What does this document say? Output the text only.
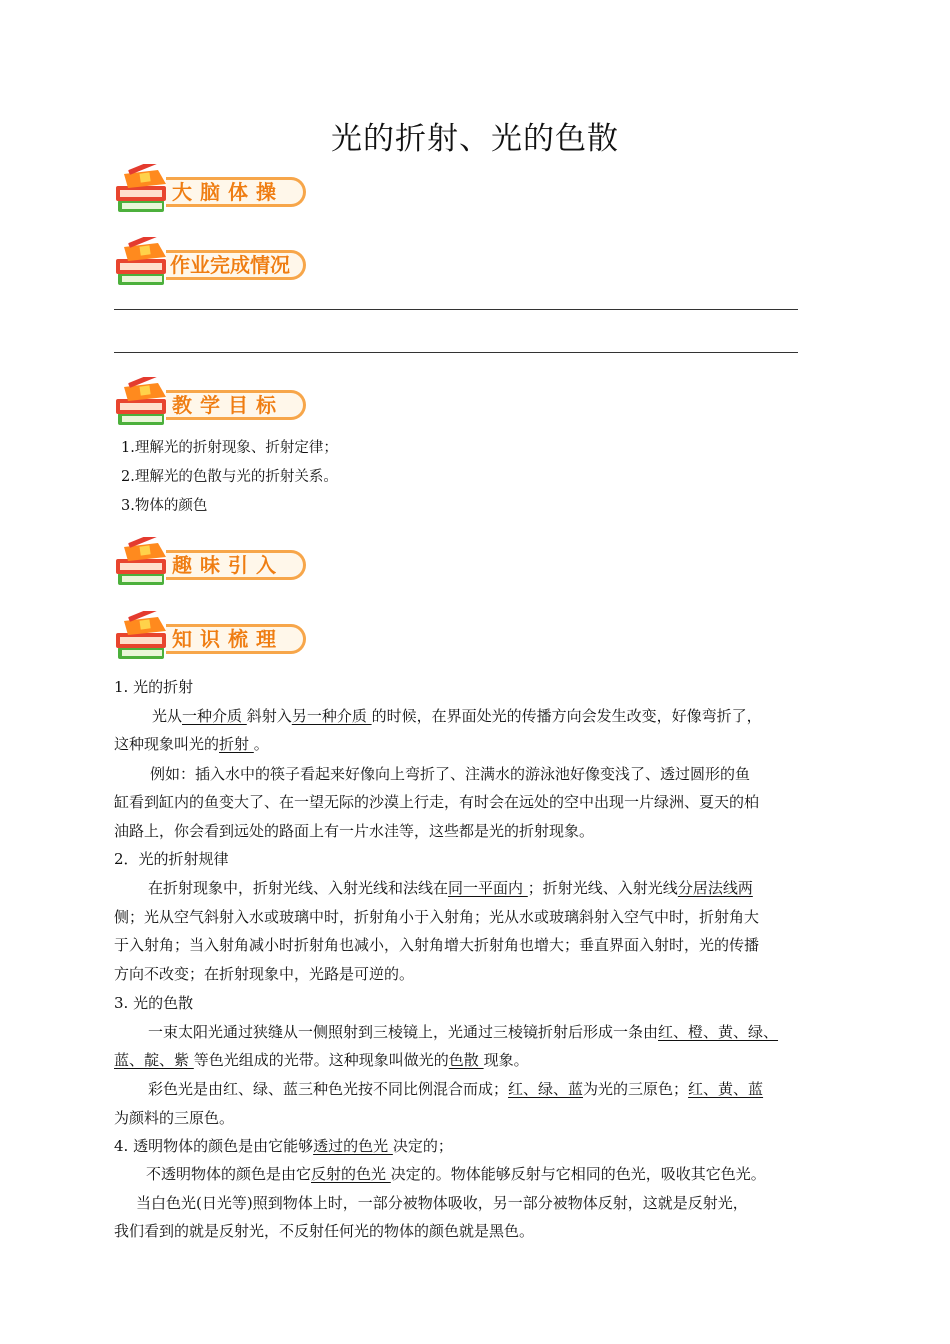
光的折射、光的色散
大脑体操
作业完成情况
教学目标
1.理解光的折射现象、折射定律；
2.理解光的色散与光的折射关系。
3.物体的颜色
趣味引入
知识梳理
1. 光的折射
光从一种介质 斜射入另一种介质 的时候，在界面处光的传播方向会发生改变，好像弯折了，
这种现象叫光的折射 。
例如：插入水中的筷子看起来好像向上弯折了、注满水的游泳池好像变浅了、透过圆形的鱼
缸看到缸内的鱼变大了、在一望无际的沙漠上行走，有时会在远处的空中出现一片绿洲、夏天的柏
油路上，你会看到远处的路面上有一片水洼等，这些都是光的折射现象。
2．光的折射规律
在折射现象中，折射光线、入射光线和法线在同一平面内 ；折射光线、入射光线分居法线两
侧；光从空气斜射入水或玻璃中时，折射角小于入射角；光从水或玻璃斜射入空气中时，折射角大
于入射角；当入射角减小时折射角也减小，入射角增大折射角也增大；垂直界面入射时，光的传播
方向不改变；在折射现象中，光路是可逆的。
3. 光的色散
一束太阳光通过狭缝从一侧照射到三棱镜上，光通过三棱镜折射后形成一条由红、橙、黄、绿、
蓝、靛、紫 等色光组成的光带。这种现象叫做光的色散 现象。
彩色光是由红、绿、蓝三种色光按不同比例混合而成；红、绿、蓝为光的三原色；红、黄、蓝
为颜料的三原色。
4. 透明物体的颜色是由它能够透过的色光 决定的；
不透明物体的颜色是由它反射的色光 决定的。物体能够反射与它相同的色光，吸收其它色光。
当白色光(日光等)照到物体上时，一部分被物体吸收，另一部分被物体反射，这就是反射光，
我们看到的就是反射光，不反射任何光的物体的颜色就是黑色。
